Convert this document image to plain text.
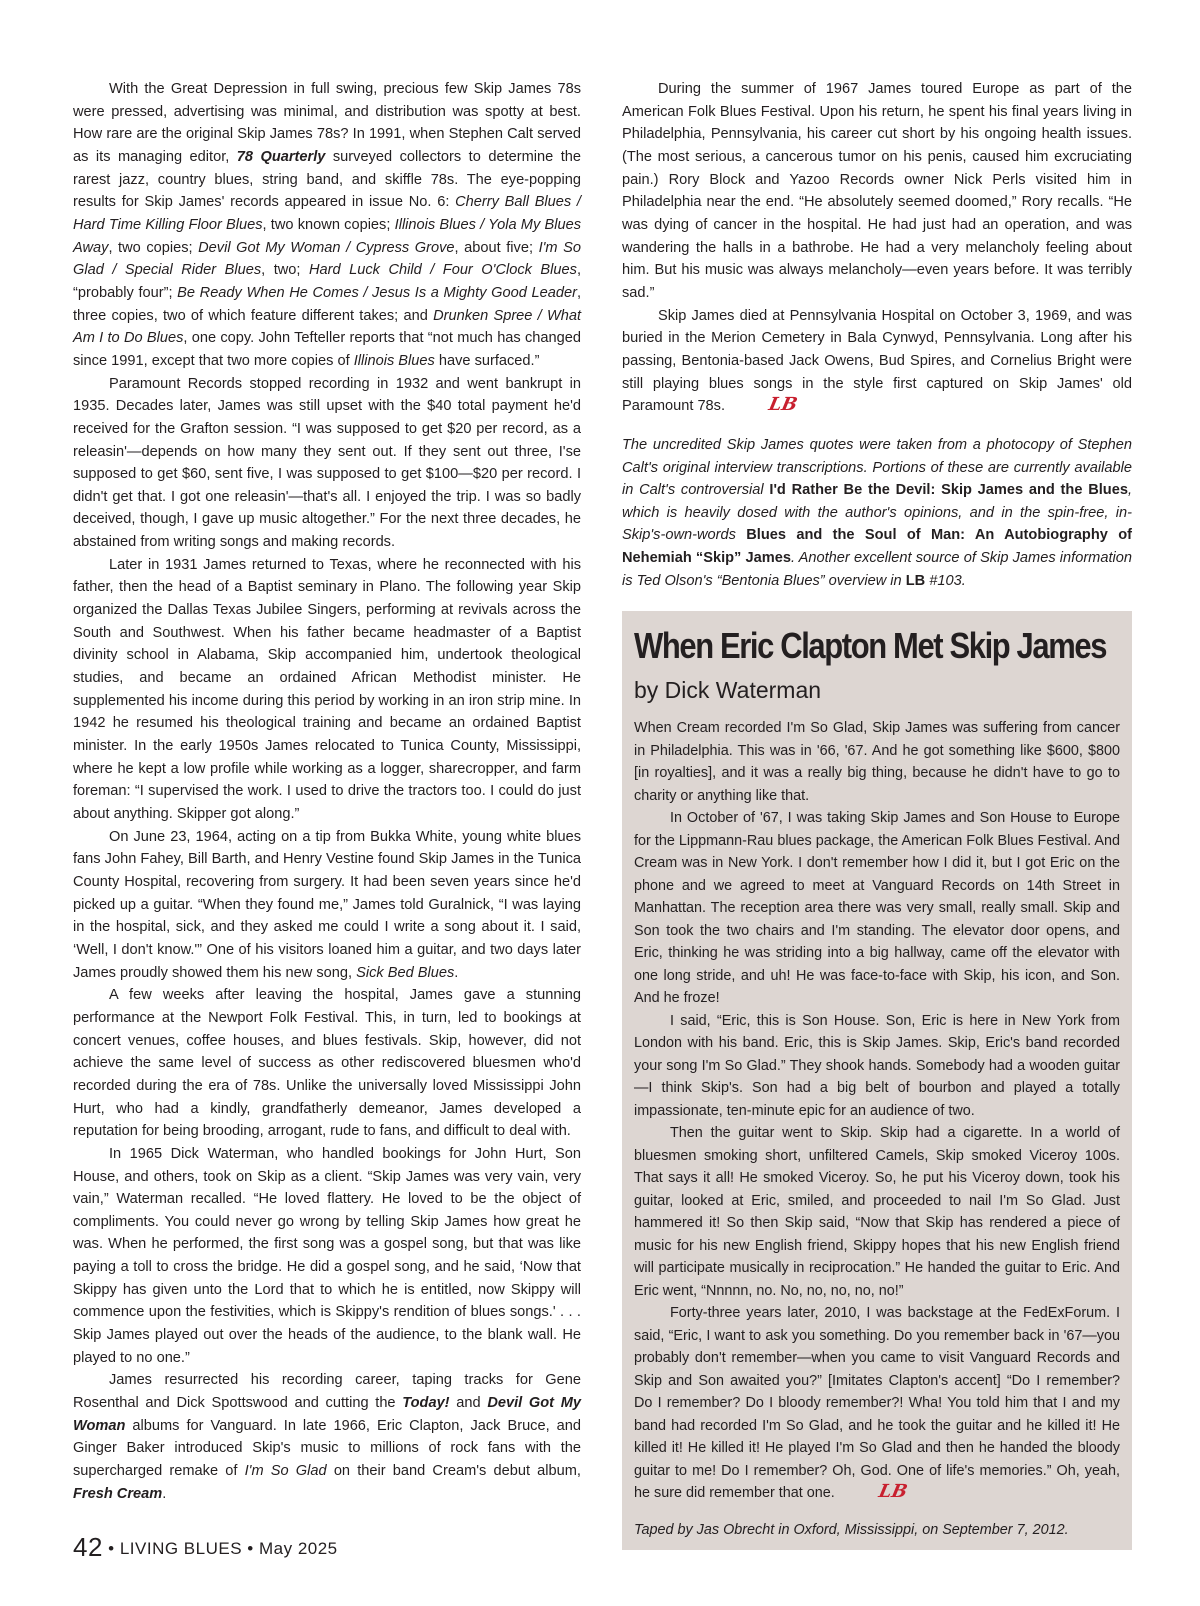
With the Great Depression in full swing, precious few Skip James 78s were pressed, advertising was minimal, and distribution was spotty at best. How rare are the original Skip James 78s? In 1991, when Stephen Calt served as its managing editor, 78 Quarterly surveyed collectors to determine the rarest jazz, country blues, string band, and skiffle 78s. The eye-popping results for Skip James' records appeared in issue No. 6: Cherry Ball Blues / Hard Time Killing Floor Blues, two known copies; Illinois Blues / Yola My Blues Away, two copies; Devil Got My Woman / Cypress Grove, about five; I'm So Glad / Special Rider Blues, two; Hard Luck Child / Four O'Clock Blues, “probably four”; Be Ready When He Comes / Jesus Is a Mighty Good Leader, three copies, two of which feature different takes; and Drunken Spree / What Am I to Do Blues, one copy. John Tefteller reports that “not much has changed since 1991, except that two more copies of Illinois Blues have surfaced.”

Paramount Records stopped recording in 1932 and went bankrupt in 1935. Decades later, James was still upset with the $40 total payment he'd received for the Grafton session. “I was supposed to get $20 per record, as a releasin'—depends on how many they sent out. If they sent out three, I'se supposed to get $60, sent five, I was supposed to get $100—$20 per record. I didn't get that. I got one releasin'—that's all. I enjoyed the trip. I was so badly deceived, though, I gave up music altogether.” For the next three decades, he abstained from writing songs and making records.

Later in 1931 James returned to Texas, where he reconnected with his father, then the head of a Baptist seminary in Plano. The following year Skip organized the Dallas Texas Jubilee Singers, performing at revivals across the South and Southwest. When his father became headmaster of a Baptist divinity school in Alabama, Skip accompanied him, undertook theological studies, and became an ordained African Methodist minister. He supplemented his income during this period by working in an iron strip mine. In 1942 he resumed his theological training and became an ordained Baptist minister. In the early 1950s James relocated to Tunica County, Mississippi, where he kept a low profile while working as a logger, sharecropper, and farm foreman: “I supervised the work. I used to drive the tractors too. I could do just about anything. Skipper got along.”

On June 23, 1964, acting on a tip from Bukka White, young white blues fans John Fahey, Bill Barth, and Henry Vestine found Skip James in the Tunica County Hospital, recovering from surgery. It had been seven years since he'd picked up a guitar. “When they found me,” James told Guralnick, “I was laying in the hospital, sick, and they asked me could I write a song about it. I said, ‘Well, I don't know.'” One of his visitors loaned him a guitar, and two days later James proudly showed them his new song, Sick Bed Blues.

A few weeks after leaving the hospital, James gave a stunning performance at the Newport Folk Festival. This, in turn, led to bookings at concert venues, coffee houses, and blues festivals. Skip, however, did not achieve the same level of success as other rediscovered bluesmen who'd recorded during the era of 78s. Unlike the universally loved Mississippi John Hurt, who had a kindly, grandfatherly demeanor, James developed a reputation for being brooding, arrogant, rude to fans, and difficult to deal with.

In 1965 Dick Waterman, who handled bookings for John Hurt, Son House, and others, took on Skip as a client. “Skip James was very vain, very vain,” Waterman recalled. “He loved flattery. He loved to be the object of compliments. You could never go wrong by telling Skip James how great he was. When he performed, the first song was a gospel song, but that was like paying a toll to cross the bridge. He did a gospel song, and he said, ‘Now that Skippy has given unto the Lord that to which he is entitled, now Skippy will commence upon the festivities, which is Skippy's rendition of blues songs.' . . . Skip James played out over the heads of the audience, to the blank wall. He played to no one.”

James resurrected his recording career, taping tracks for Gene Rosenthal and Dick Spottswood and cutting the Today! and Devil Got My Woman albums for Vanguard. In late 1966, Eric Clapton, Jack Bruce, and Ginger Baker introduced Skip's music to millions of rock fans with the supercharged remake of I'm So Glad on their band Cream's debut album, Fresh Cream.

During the summer of 1967 James toured Europe as part of the American Folk Blues Festival. Upon his return, he spent his final years living in Philadelphia, Pennsylvania, his career cut short by his ongoing health issues. (The most serious, a cancerous tumor on his penis, caused him excruciating pain.) Rory Block and Yazoo Records owner Nick Perls visited him in Philadelphia near the end. “He absolutely seemed doomed,” Rory recalls. “He was dying of cancer in the hospital. He had just had an operation, and was wandering the halls in a bathrobe. He had a very melancholy feeling about him. But his music was always melancholy—even years before. It was terribly sad.”

Skip James died at Pennsylvania Hospital on October 3, 1969, and was buried in the Merion Cemetery in Bala Cynwyd, Pennsylvania. Long after his passing, Bentonia-based Jack Owens, Bud Spires, and Cornelius Bright were still playing blues songs in the style first captured on Skip James' old Paramount 78s. LB

The uncredited Skip James quotes were taken from a photocopy of Stephen Calt's original interview transcriptions. Portions of these are currently available in Calt's controversial I'd Rather Be the Devil: Skip James and the Blues, which is heavily dosed with the author's opinions, and in the spin-free, in-Skip's-own-words Blues and the Soul of Man: An Autobiography of Nehemiah “Skip” James. Another excellent source of Skip James information is Ted Olson's “Bentonia Blues” overview in LB #103.

When Eric Clapton Met Skip James
by Dick Waterman

When Cream recorded I'm So Glad, Skip James was suffering from cancer in Philadelphia. This was in '66, '67. And he got something like $600, $800 [in royalties], and it was a really big thing, because he didn't have to go to charity or anything like that.

In October of '67, I was taking Skip James and Son House to Europe for the Lippmann-Rau blues package, the American Folk Blues Festival. And Cream was in New York. I don't remember how I did it, but I got Eric on the phone and we agreed to meet at Vanguard Records on 14th Street in Manhattan. The reception area there was very small, really small. Skip and Son took the two chairs and I'm standing. The elevator door opens, and Eric, thinking he was striding into a big hallway, came off the elevator with one long stride, and uh! He was face-to-face with Skip, his icon, and Son. And he froze!

I said, “Eric, this is Son House. Son, Eric is here in New York from London with his band. Eric, this is Skip James. Skip, Eric's band recorded your song I'm So Glad.” They shook hands. Somebody had a wooden guitar—I think Skip's. Son had a big belt of bourbon and played a totally impassionate, ten-minute epic for an audience of two.

Then the guitar went to Skip. Skip had a cigarette. In a world of bluesmen smoking short, unfiltered Camels, Skip smoked Viceroy 100s. That says it all! He smoked Viceroy. So, he put his Viceroy down, took his guitar, looked at Eric, smiled, and proceeded to nail I'm So Glad. Just hammered it! So then Skip said, “Now that Skip has rendered a piece of music for his new English friend, Skippy hopes that his new English friend will participate musically in reciprocation.” He handed the guitar to Eric. And Eric went, “Nnnnn, no. No, no, no, no, no!”

Forty-three years later, 2010, I was backstage at the FedExForum. I said, “Eric, I want to ask you something. Do you remember back in '67—you probably don't remember—when you came to visit Vanguard Records and Skip and Son awaited you?” [Imitates Clapton's accent] “Do I remember? Do I remember? Do I bloody remember?! Wha! You told him that I and my band had recorded I'm So Glad, and he took the guitar and he killed it! He killed it! He killed it! He played I'm So Glad and then he handed the bloody guitar to me! Do I remember? Oh, God. One of life's memories.” Oh, yeah, he sure did remember that one. LB

Taped by Jas Obrecht in Oxford, Mississippi, on September 7, 2012.

42 • LIVING BLUES • May 2025
